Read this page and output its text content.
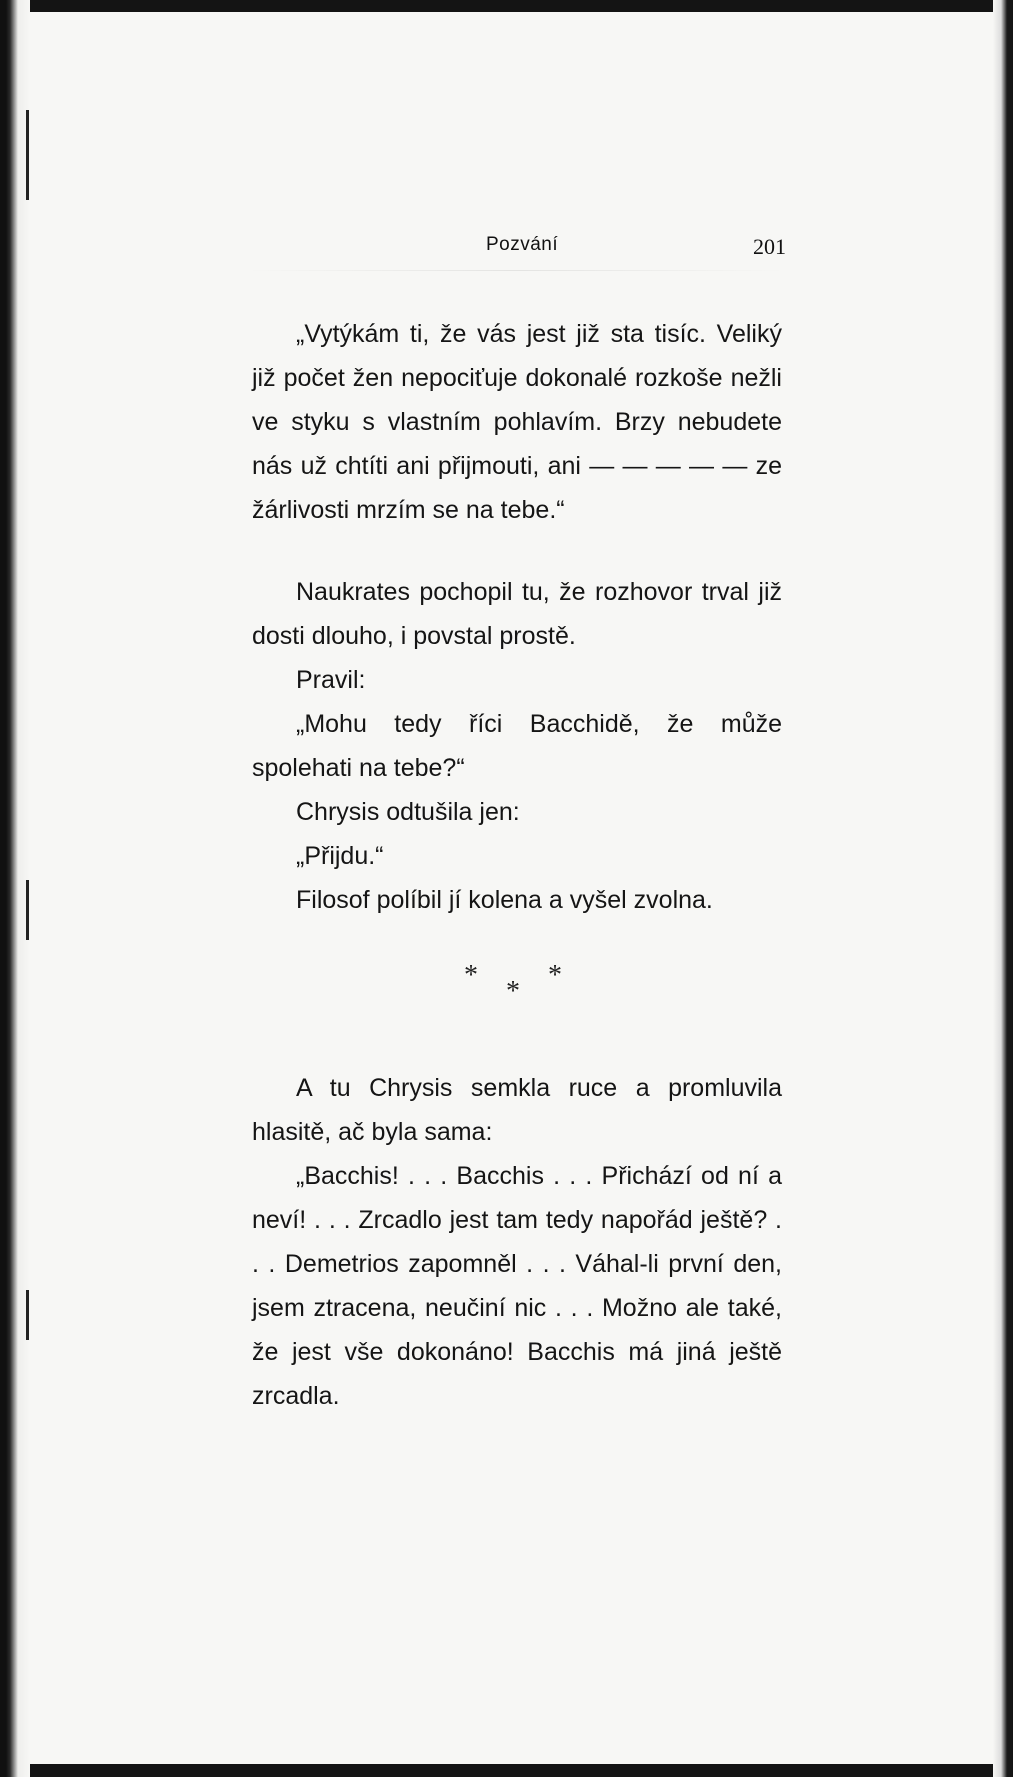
Pozvání	201

„Vytýkám ti, že vás jest již sta tisíc. Veliký již počet žen nepociťuje dokonalé rozkoše nežli ve styku s vlastním pohlavím. Brzy nebudete nás už chtíti ani přijmouti, ani — — — — — ze žárlivosti mrzím se na tebe.“

Naukrates pochopil tu, že rozhovor trval již dosti dlouho, i povstal prostě.

Pravil:

„Mohu tedy říci Bacchidě, že může spolehati na tebe?“

Chrysis odtušila jen:

„Přijdu.“

Filosof políbil jí kolena a vyšel zvolna.

*
*
*

A tu Chrysis semkla ruce a promluvila hlasitě, ač byla sama:

„Bacchis! . . . Bacchis . . . Přichází od ní a neví! . . . Zrcadlo jest tam tedy napořád ještě? . . . Demetrios zapomněl . . . Váhal-li první den, jsem ztracena, neučiní nic . . . Možno ale také, že jest vše dokonáno! Bacchis má jiná ještě zrcadla.
